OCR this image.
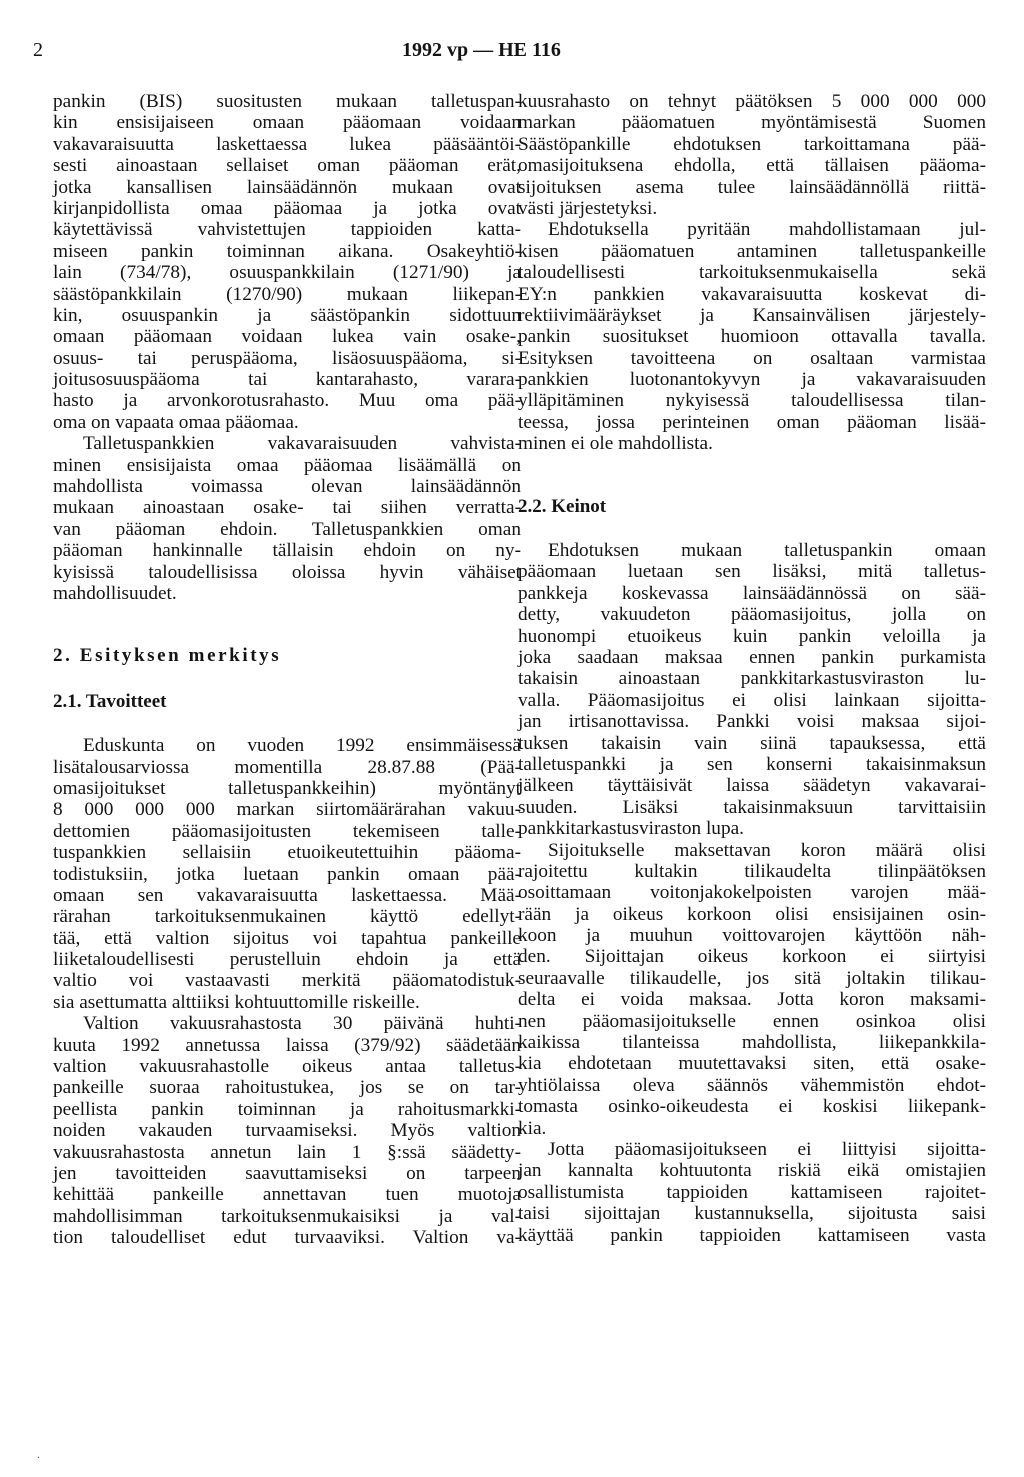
2	1992 vp — HE 116
pankin (BIS) suositusten mukaan talletuspan-
kin ensisijaiseen omaan pääomaan voidaan
vakavaraisuutta laskettaessa lukea pääsääntöi-
sesti ainoastaan sellaiset oman pääoman erät,
jotka kansallisen lainsäädännön mukaan ovat
kirjanpidollista omaa pääomaa ja jotka ovat
käytettävissä vahvistettujen tappioiden katta-
miseen pankin toiminnan aikana. Osakeyhtiö-
lain (734/78), osuuspankkilain (1271/90) ja
säästöpankkilain (1270/90) mukaan liikepan-
kin, osuuspankin ja säästöpankin sidottuun
omaan pääomaan voidaan lukea vain osake-,
osuus- tai peruspääoma, lisäosuuspääoma, si-
joitusosuuspääoma tai kantarahasto, vararа-
hasto ja arvonkorotusrahasto. Muu oma pää-
oma on vapaata omaa pääomaa.
Talletuspankkien vakavaraisuuden vahvista-
minen ensisijaista omaa pääomaa lisäämällä on
mahdollista voimassa olevan lainsäädännön
mukaan ainoastaan osake- tai siihen verratta-
van pääoman ehdoin. Talletuspankkien oman
pääoman hankinnalle tällaisin ehdoin on ny-
kyisissä taloudellisissa oloissa hyvin vähäiset
mahdollisuudet.
2. Esityksen merkitys
2.1. Tavoitteet
Eduskunta on vuoden 1992 ensimmäisessä
lisätalousarviossa momentilla 28.87.88 (Pää-
omasijoitukset talletuspankkeihin) myöntänyt
8 000 000 000 markan siirtomäärärahan vakuu-
dettomien pääomasijoitusten tekemiseen talle-
tuspankkien sellaisiin etuoikeutettuihin pääoma-
todistuksiin, jotka luetaan pankin omaan pää-
omaan sen vakavaraisuutta laskettaessa. Mää-
rärahan tarkoituksenmukainen käyttö edellyt-
tää, että valtion sijoitus voi tapahtua pankeille
liiketaloudellisesti perustelluin ehdoin ja että
valtio voi vastaavasti merkitä pääomatodistuk-
sia asettumatta alttiiksi kohtuuttomille riskeille.
Valtion vakuusrahastosta 30 päivänä huhti-
kuuta 1992 annetussa laissa (379/92) säädetään
valtion vakuusrahastolle oikeus antaa talletus-
pankeille suoraa rahoitustukea, jos se on tar-
peellista pankin toiminnan ja rahoitusmarkki-
noiden vakauden turvaamiseksi. Myös valtion
vakuusrahastosta annetun lain 1 §:ssä säädetty-
jen tavoitteiden saavuttamiseksi on tarpeen
kehittää pankeille annettavan tuen muotoja
mahdollisimman tarkoituksenmukaisiksi ja val-
tion taloudelliset edut turvaaviksi. Valtion va-
kuusrahasto on tehnyt päätöksen 5 000 000 000
markan pääomatuen myöntämisestä Suomen
Säästöpankille ehdotuksen tarkoittamana pää-
omasijoituksena ehdolla, että tällaisen pääoma-
sijoituksen asema tulee lainsäädännöllä riittä-
västi järjestetyksi.
Ehdotuksella pyritään mahdollistamaan jul-
kisen pääomatuen antaminen talletuspankeille
taloudellisesti tarkoituksenmukaisella sekä
EY:n pankkien vakavaraisuutta koskevat di-
rektiivimääräykset ja Kansainvälisen järjestely-
pankin suositukset huomioon ottavalla tavalla.
Esityksen tavoitteena on osaltaan varmistaa
pankkien luotonantokyvyn ja vakavaraisuuden
ylläpitäminen nykyisessä taloudellisessa tilan-
teessa, jossa perinteinen oman pääoman lisää-
minen ei ole mahdollista.
2.2. Keinot
Ehdotuksen mukaan talletuspankin omaan
pääomaan luetaan sen lisäksi, mitä talletus-
pankkeja koskevassa lainsäädännössä on sää-
detty, vakuudeton pääomasijoitus, jolla on
huonompi etuoikeus kuin pankin veloilla ja
joka saadaan maksaa ennen pankin purkamista
takaisin ainoastaan pankkitarkastusviraston lu-
valla. Pääomasijoitus ei olisi lainkaan sijoitta-
jan irtisanottavissa. Pankki voisi maksaa sijoi-
tuksen takaisin vain siinä tapauksessa, että
talletuspankki ja sen konserni takaisinmaksun
jälkeen täyttäisivät laissa säädetyn vakavarai-
suuden. Lisäksi takaisinmaksuun tarvittaisiin
pankkitarkastusviraston lupa.
Sijoitukselle maksettavan koron määrä olisi
rajoitettu kultakin tilikaudelta tilinpäätöksen
osoittamaan voitonjakokelpoisten varojen mää-
rään ja oikeus korkoon olisi ensisijainen osin-
koon ja muuhun voittovarojen käyttöön näh-
den. Sijoittajan oikeus korkoon ei siirtyisi
seuraavalle tilikaudelle, jos sitä joltakin tilikau-
delta ei voida maksaa. Jotta koron maksami-
nen pääomasijoitukselle ennen osinkoa olisi
kaikissa tilanteissa mahdollista, liikepankkila-
kia ehdotetaan muutettavaksi siten, että osake-
yhtiölaissa oleva säännös vähemmistön ehdot-
tomasta osinko-oikeudesta ei koskisi liikepank-
kia.
Jotta pääomasijoitukseen ei liittyisi sijoitta-
jan kannalta kohtuutonta riskiä eikä omistajien
osallistumista tappioiden kattamiseen rajoitet-
taisi sijoittajan kustannuksella, sijoitusta saisi
käyttää pankin tappioiden kattamiseen vasta
.
